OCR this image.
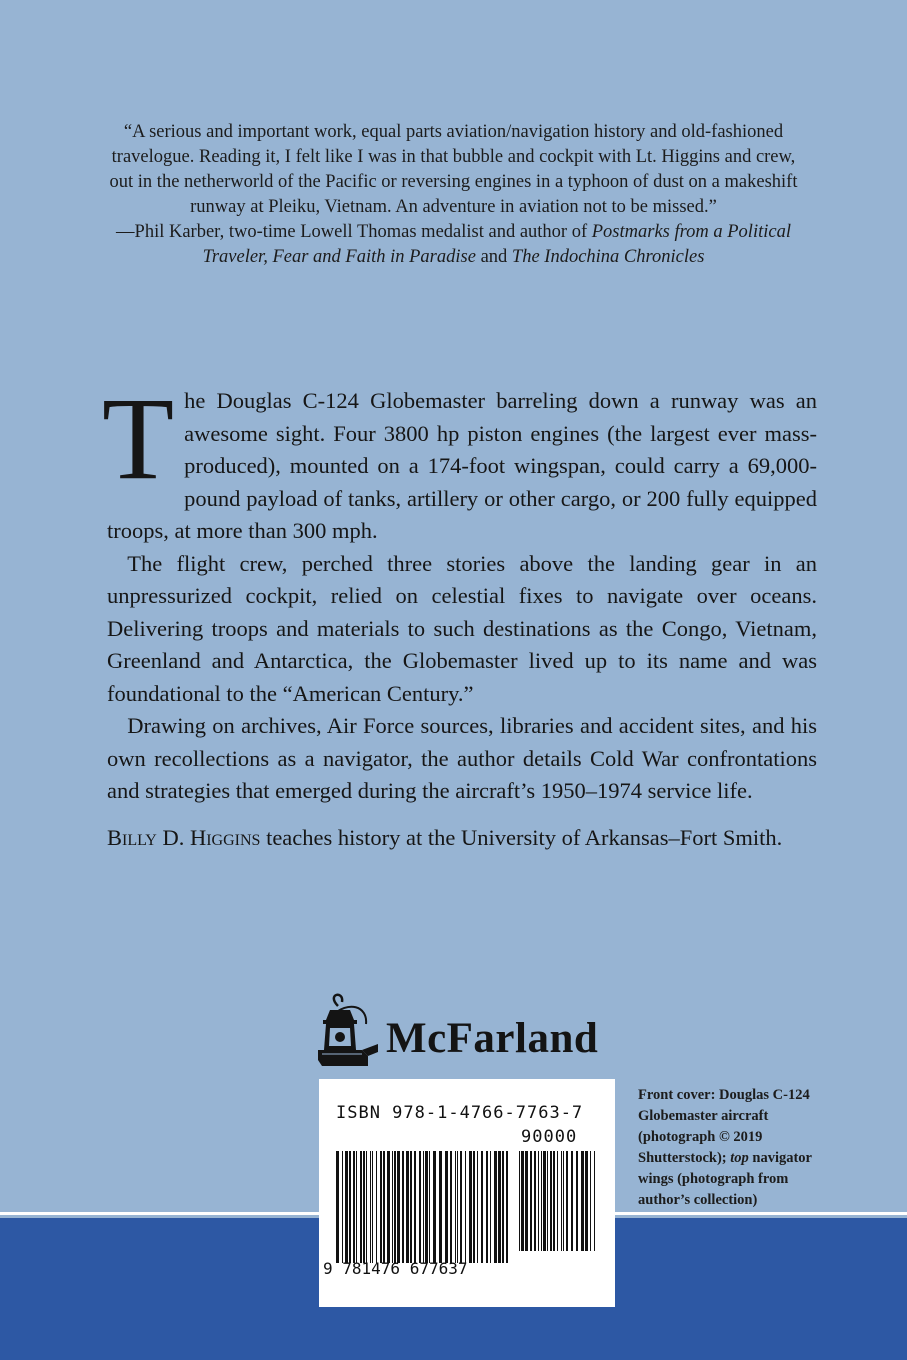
“A serious and important work, equal parts aviation/navigation history and old-fashioned travelogue. Reading it, I felt like I was in that bubble and cockpit with Lt. Higgins and crew, out in the netherworld of the Pacific or reversing engines in a typhoon of dust on a makeshift runway at Pleiku, Vietnam. An adventure in aviation not to be missed.”
—Phil Karber, two-time Lowell Thomas medalist and author of Postmarks from a Political Traveler, Fear and Faith in Paradise and The Indochina Chronicles

The Douglas C-124 Globemaster barreling down a runway was an awesome sight. Four 3800 hp piston engines (the largest ever mass-produced), mounted on a 174-foot wingspan, could carry a 69,000-pound payload of tanks, artillery or other cargo, or 200 fully equipped troops, at more than 300 mph.

The flight crew, perched three stories above the landing gear in an unpressurized cockpit, relied on celestial fixes to navigate over oceans. Delivering troops and materials to such destinations as the Congo, Vietnam, Greenland and Antarctica, the Globemaster lived up to its name and was foundational to the “American Century.”

Drawing on archives, Air Force sources, libraries and accident sites, and his own recollections as a navigator, the author details Cold War confrontations and strategies that emerged during the aircraft’s 1950–1974 service life.

Billy D. Higgins teaches history at the University of Arkansas–Fort Smith.

McFarland
ISBN 978-1-4766-7763-7
90000
9 781476 677637
Front cover: Douglas C-124 Globemaster aircraft (photograph © 2019 Shutterstock); top navigator wings (photograph from author’s collection)
